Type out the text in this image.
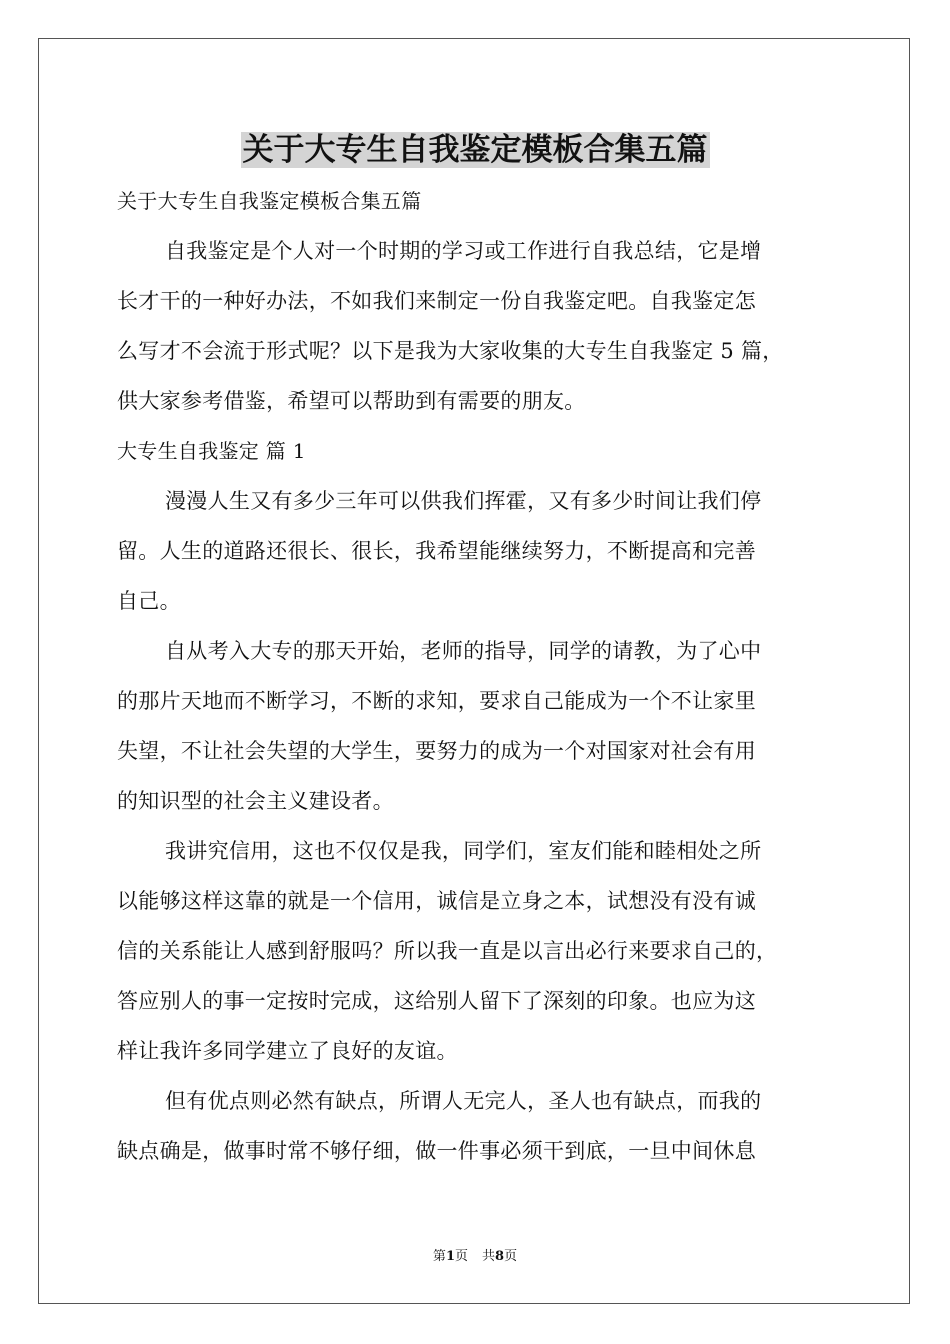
关于大专生自我鉴定模板合集五篇
关于大专生自我鉴定模板合集五篇
自我鉴定是个人对一个时期的学习或工作进行自我总结，它是增
长才干的一种好办法，不如我们来制定一份自我鉴定吧。自我鉴定怎
么写才不会流于形式呢？以下是我为大家收集的大专生自我鉴定 5 篇，
供大家参考借鉴，希望可以帮助到有需要的朋友。
大专生自我鉴定 篇 1
漫漫人生又有多少三年可以供我们挥霍，又有多少时间让我们停
留。人生的道路还很长、很长，我希望能继续努力，不断提高和完善
自己。
自从考入大专的那天开始，老师的指导，同学的请教，为了心中
的那片天地而不断学习，不断的求知，要求自己能成为一个不让家里
失望，不让社会失望的大学生，要努力的成为一个对国家对社会有用
的知识型的社会主义建设者。
我讲究信用，这也不仅仅是我，同学们，室友们能和睦相处之所
以能够这样这靠的就是一个信用，诚信是立身之本，试想没有没有诚
信的关系能让人感到舒服吗？所以我一直是以言出必行来要求自己的，
答应别人的事一定按时完成，这给别人留下了深刻的印象。也应为这
样让我许多同学建立了良好的友谊。
但有优点则必然有缺点，所谓人无完人，圣人也有缺点，而我的
缺点确是，做事时常不够仔细，做一件事必须干到底，一旦中间休息
第1页 共8页
